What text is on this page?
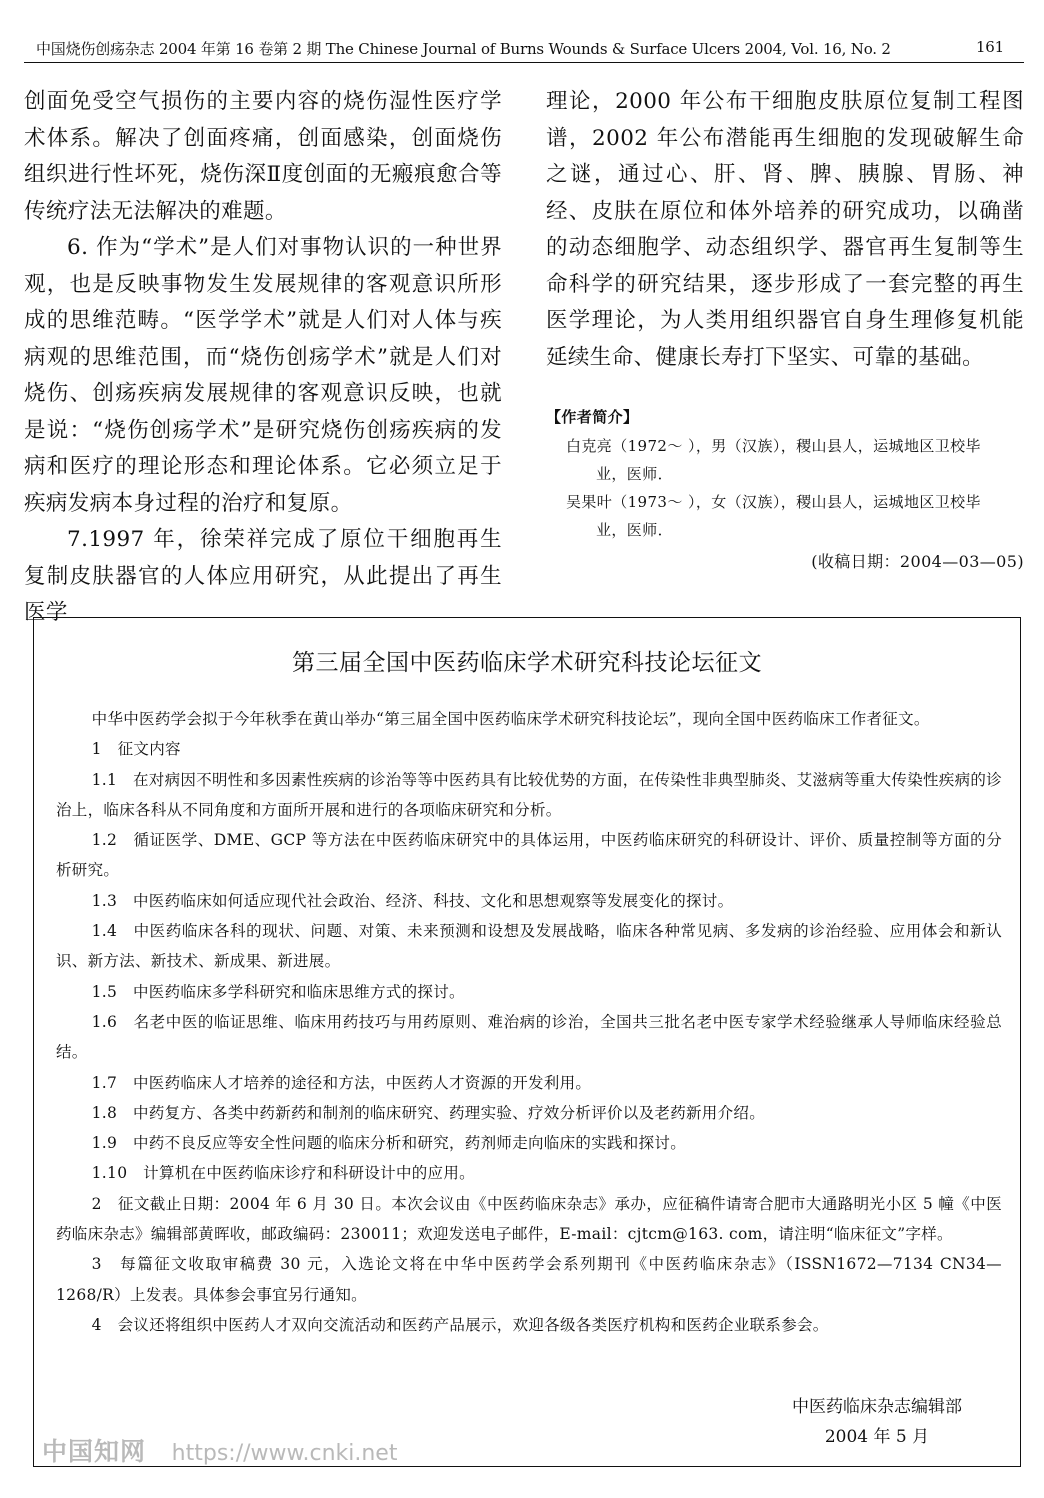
中国烧伤创疡杂志 2004 年第 16 卷第 2 期 The Chinese Journal of Burns Wounds & Surface Ulcers 2004, Vol. 16, No. 2	161

创面免受空气损伤的主要内容的烧伤湿性医疗学术体系。解决了创面疼痛，创面感染，创面烧伤组织进行性坏死，烧伤深Ⅱ度创面的无瘢痕愈合等传统疗法无法解决的难题。

6. 作为“学术”是人们对事物认识的一种世界观，也是反映事物发生发展规律的客观意识所形成的思维范畴。“医学学术”就是人们对人体与疾病观的思维范围，而“烧伤创疡学术”就是人们对烧伤、创疡疾病发展规律的客观意识反映，也就是说：“烧伤创疡学术”是研究烧伤创疡疾病的发病和医疗的理论形态和理论体系。它必须立足于疾病发病本身过程的治疗和复原。

7.1997 年，徐荣祥完成了原位干细胞再生复制皮肤器官的人体应用研究，从此提出了再生医学

理论，2000 年公布干细胞皮肤原位复制工程图谱，2002 年公布潜能再生细胞的发现破解生命之谜，通过心、肝、肾、脾、胰腺、胃肠、神经、皮肤在原位和体外培养的研究成功，以确凿的动态细胞学、动态组织学、器官再生复制等生命科学的研究结果，逐步形成了一套完整的再生医学理论，为人类用组织器官自身生理修复机能延续生命、健康长寿打下坚实、可靠的基础。

【作者简介】
白克亮（1972～ ），男（汉族），稷山县人，运城地区卫校毕
业，医师．
吴果叶（1973～ ），女（汉族），稷山县人，运城地区卫校毕
业，医师．
(收稿日期：2004—03—05)
第三届全国中医药临床学术研究科技论坛征文

中华中医药学会拟于今年秋季在黄山举办“第三届全国中医药临床学术研究科技论坛”，现向全国中医药临床工作者征文。

1　征文内容

1.1　在对病因不明性和多因素性疾病的诊治等等中医药具有比较优势的方面，在传染性非典型肺炎、艾滋病等重大传染性疾病的诊治上，临床各科从不同角度和方面所开展和进行的各项临床研究和分析。

1.2　循证医学、DME、GCP 等方法在中医药临床研究中的具体运用，中医药临床研究的科研设计、评价、质量控制等方面的分析研究。

1.3　中医药临床如何适应现代社会政治、经济、科技、文化和思想观察等发展变化的探讨。

1.4　中医药临床各科的现状、问题、对策、未来预测和设想及发展战略，临床各种常见病、多发病的诊治经验、应用体会和新认识、新方法、新技术、新成果、新进展。

1.5　中医药临床多学科研究和临床思维方式的探讨。

1.6　名老中医的临证思维、临床用药技巧与用药原则、难治病的诊治，全国共三批名老中医专家学术经验继承人导师临床经验总结。

1.7　中医药临床人才培养的途径和方法，中医药人才资源的开发利用。

1.8　中药复方、各类中药新药和制剂的临床研究、药理实验、疗效分析评价以及老药新用介绍。

1.9　中药不良反应等安全性问题的临床分析和研究，药剂师走向临床的实践和探讨。

1.10　计算机在中医药临床诊疗和科研设计中的应用。

2　征文截止日期：2004 年 6 月 30 日。本次会议由《中医药临床杂志》承办，应征稿件请寄合肥市大通路明光小区 5 幢《中医药临床杂志》编辑部黄晖收，邮政编码：230011；欢迎发送电子邮件，E-mail：cjtcm@163. com，请注明“临床征文”字样。

3　每篇征文收取审稿费 30 元，入选论文将在中华中医药学会系列期刊《中医药临床杂志》（ISSN1672—7134 CN34—1268/R）上发表。具体参会事宜另行通知。

4　会议还将组织中医药人才双向交流活动和医药产品展示，欢迎各级各类医疗机构和医药企业联系参会。

中医药临床杂志编辑部
2004 年 5 月
中国知网 https://www.cnki.net
